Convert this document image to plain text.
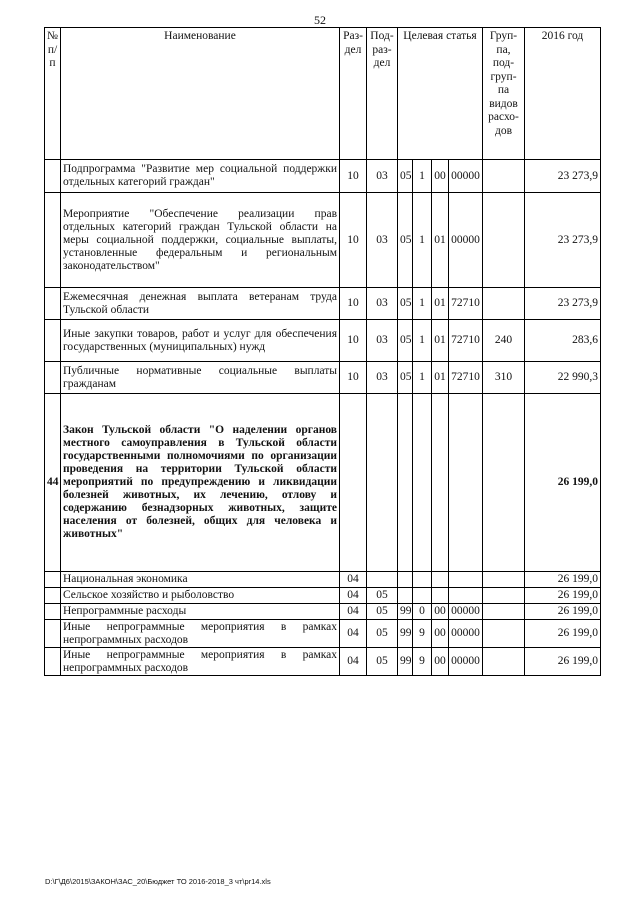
52
№ п/п	Наименование	Раз-дел	Под-раз-дел	Целевая статья				Груп-па, под-груп-па видов расхо-дов	2016 год
	Подпрограмма "Развитие мер социальной поддержки отдельных категорий граждан"	10	03	05	1	00	00000		23 273,9
	Мероприятие "Обеспечение реализации прав отдельных категорий граждан Тульской области на меры социальной поддержки, социальные выплаты, установленные федеральным и региональным законодательством"	10	03	05	1	01	00000		23 273,9
	Ежемесячная денежная выплата ветеранам труда Тульской области	10	03	05	1	01	72710		23 273,9
	Иные закупки товаров, работ и услуг для обеспечения государственных (муниципальных) нужд	10	03	05	1	01	72710	240	283,6
	Публичные нормативные социальные выплаты гражданам	10	03	05	1	01	72710	310	22 990,3
44	Закон Тульской области "О наделении органов местного самоуправления в Тульской области государственными полномочиями по организации проведения на территории Тульской области мероприятий по предупреждению и ликвидации болезней животных, их лечению, отлову и содержанию безнадзорных животных, защите населения от болезней, общих для человека и животных"								26 199,0
	Национальная экономика	04							26 199,0
	Сельское хозяйство и рыболовство	04	05						26 199,0
	Непрограммные расходы	04	05	99	0	00	00000		26 199,0
	Иные непрограммные мероприятия в рамках непрограммных расходов	04	05	99	9	00	00000		26 199,0
	Иные непрограммные мероприятия в рамках непрограммных расходов	04	05	99	9	00	00000		26 199,0
D:\Г\Д6\2015\ЗАКОН\ЗАС_20\Бюджет ТО 2016-2018_3 чт\pr14.xls
